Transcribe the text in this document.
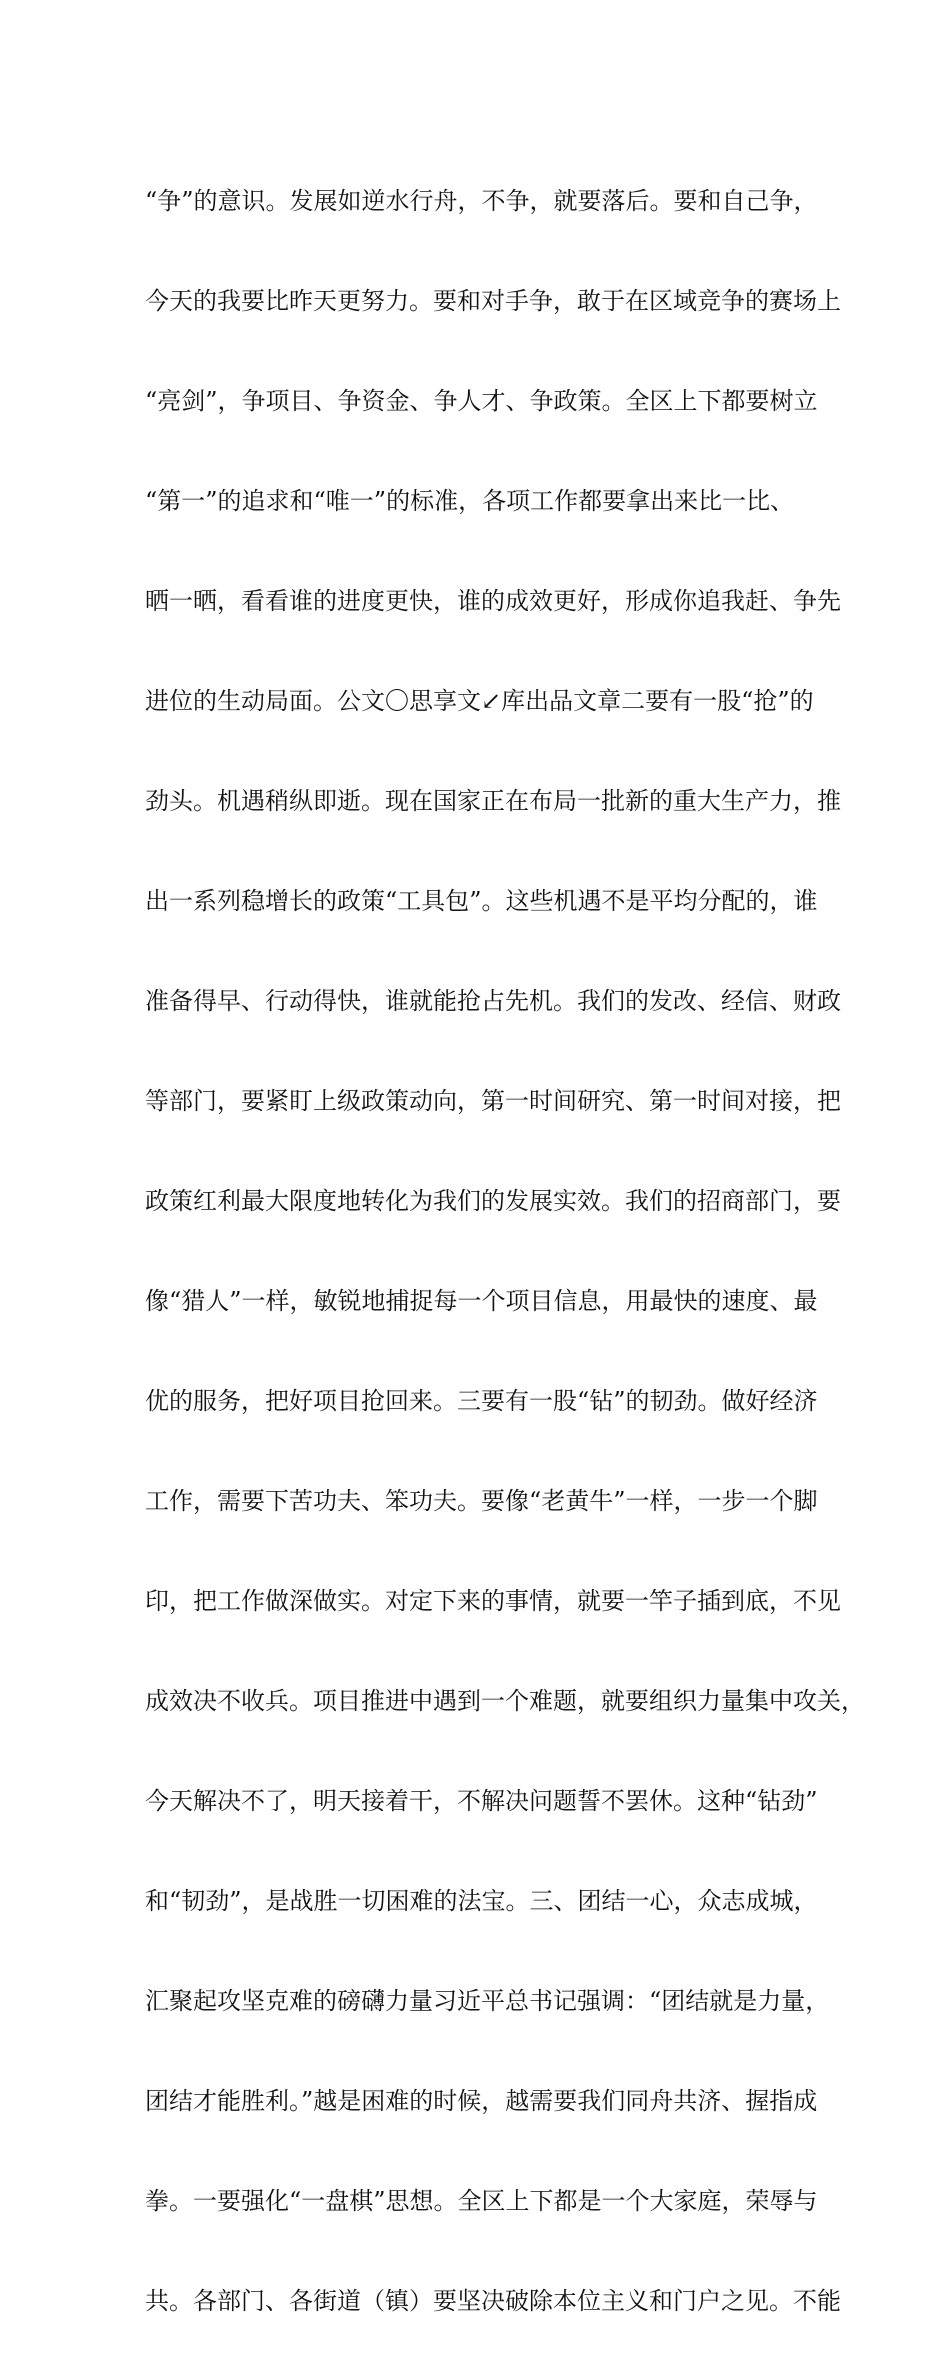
“争”的意识。发展如逆水行舟，不争，就要落后。要和自己争，

今天的我要比昨天更努力。要和对手争，敢于在区域竞争的赛场上

“亮剑”，争项目、争资金、争人才、争政策。全区上下都要树立

“第一”的追求和“唯一”的标准，各项工作都要拿出来比一比、

晒一晒，看看谁的进度更快，谁的成效更好，形成你追我赶、争先

进位的生动局面。公文〇思享文↙库出品文章二要有一股“抢”的

劲头。机遇稍纵即逝。现在国家正在布局一批新的重大生产力，推

出一系列稳增长的政策“工具包”。这些机遇不是平均分配的，谁

准备得早、行动得快，谁就能抢占先机。我们的发改、经信、财政

等部门，要紧盯上级政策动向，第一时间研究、第一时间对接，把

政策红利最大限度地转化为我们的发展实效。我们的招商部门，要

像“猎人”一样，敏锐地捕捉每一个项目信息，用最快的速度、最

优的服务，把好项目抢回来。三要有一股“钻”的韧劲。做好经济

工作，需要下苦功夫、笨功夫。要像“老黄牛”一样，一步一个脚

印，把工作做深做实。对定下来的事情，就要一竿子插到底，不见

成效决不收兵。项目推进中遇到一个难题，就要组织力量集中攻关，

今天解决不了，明天接着干，不解决问题誓不罢休。这种“钻劲”

和“韧劲”，是战胜一切困难的法宝。三、团结一心，众志成城，

汇聚起攻坚克难的磅礴力量习近平总书记强调：“团结就是力量，

团结才能胜利。”越是困难的时候，越需要我们同舟共济、握指成

拳。一要强化“一盘棋”思想。全区上下都是一个大家庭，荣辱与

共。各部门、各街道（镇）要坚决破除本位主义和门户之见。不能
